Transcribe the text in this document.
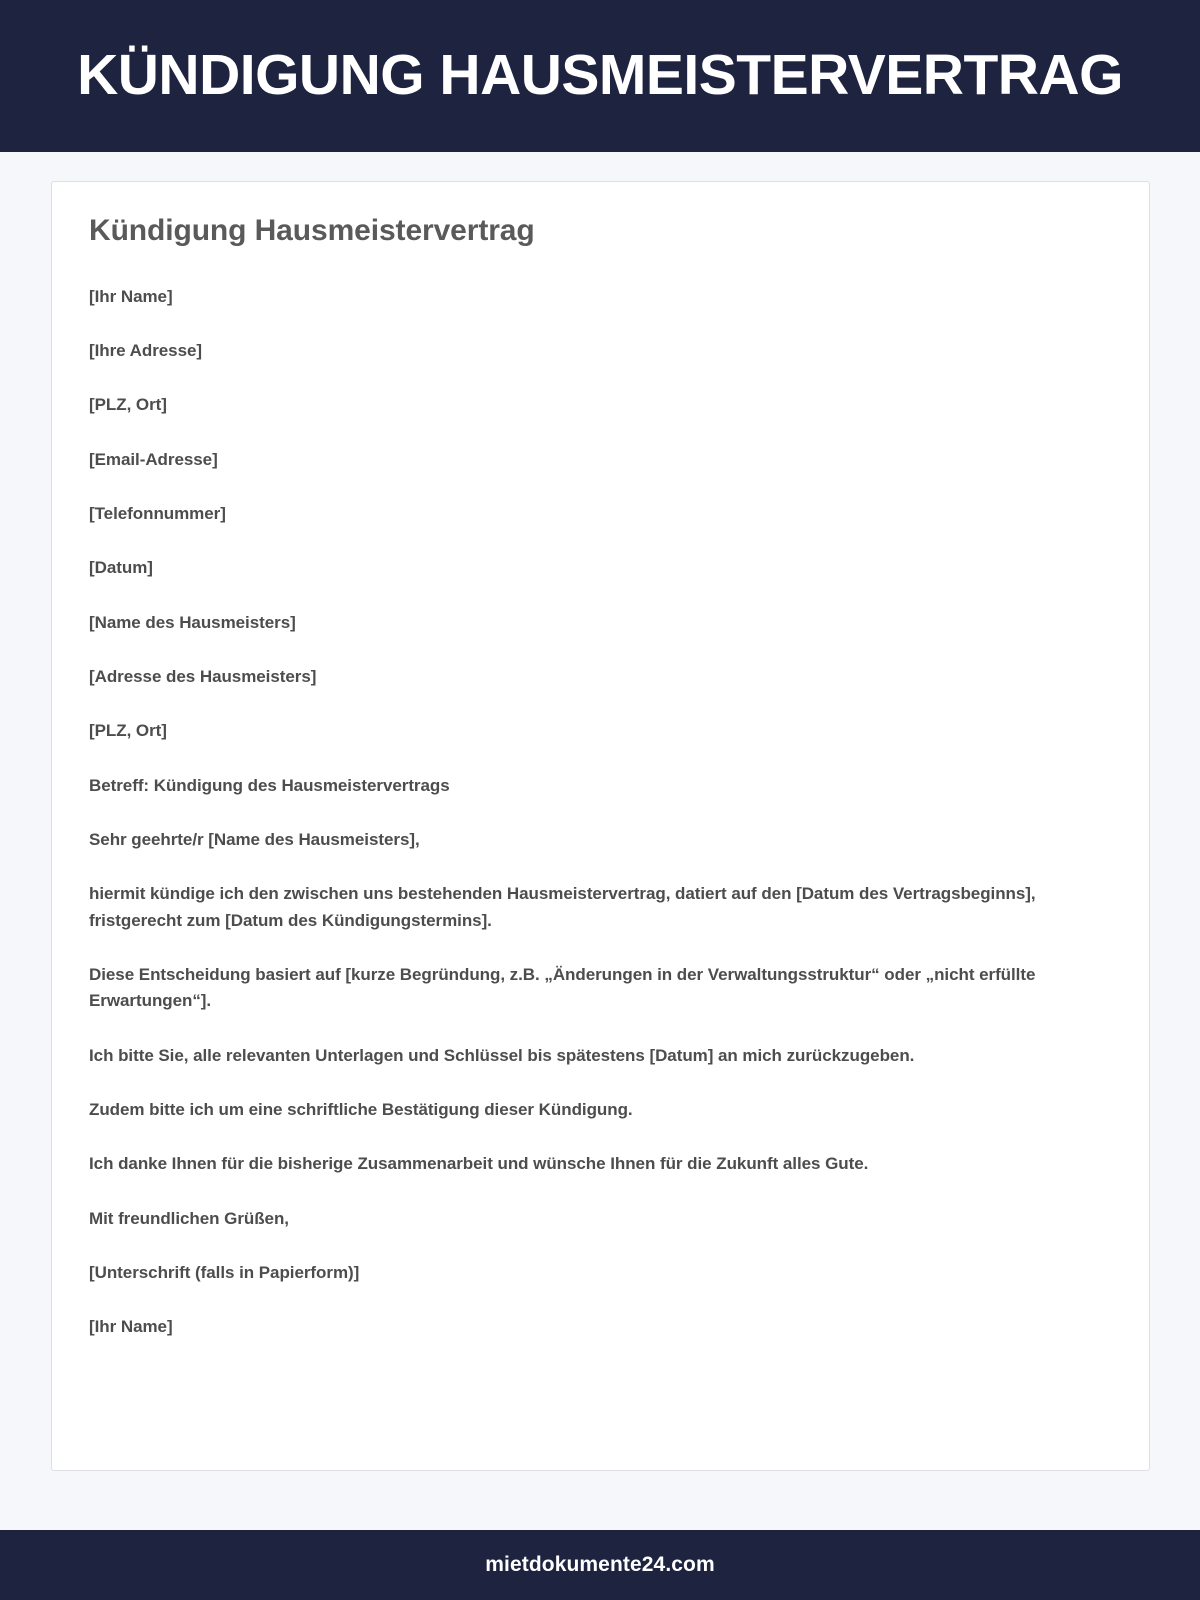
KÜNDIGUNG HAUSMEISTERVERTRAG
Kündigung Hausmeistervertrag

[Ihr Name]

[Ihre Adresse]

[PLZ, Ort]

[Email-Adresse]

[Telefonnummer]

[Datum]

[Name des Hausmeisters]

[Adresse des Hausmeisters]

[PLZ, Ort]

Betreff: Kündigung des Hausmeistervertrags

Sehr geehrte/r [Name des Hausmeisters],

hiermit kündige ich den zwischen uns bestehenden Hausmeistervertrag, datiert auf den [Datum des Vertragsbeginns], fristgerecht zum [Datum des Kündigungstermins].

Diese Entscheidung basiert auf [kurze Begründung, z.B. „Änderungen in der Verwaltungsstruktur“ oder „nicht erfüllte Erwartungen“].

Ich bitte Sie, alle relevanten Unterlagen und Schlüssel bis spätestens [Datum] an mich zurückzugeben.

Zudem bitte ich um eine schriftliche Bestätigung dieser Kündigung.

Ich danke Ihnen für die bisherige Zusammenarbeit und wünsche Ihnen für die Zukunft alles Gute.

Mit freundlichen Grüßen,

[Unterschrift (falls in Papierform)]

[Ihr Name]

mietdokumente24.com
